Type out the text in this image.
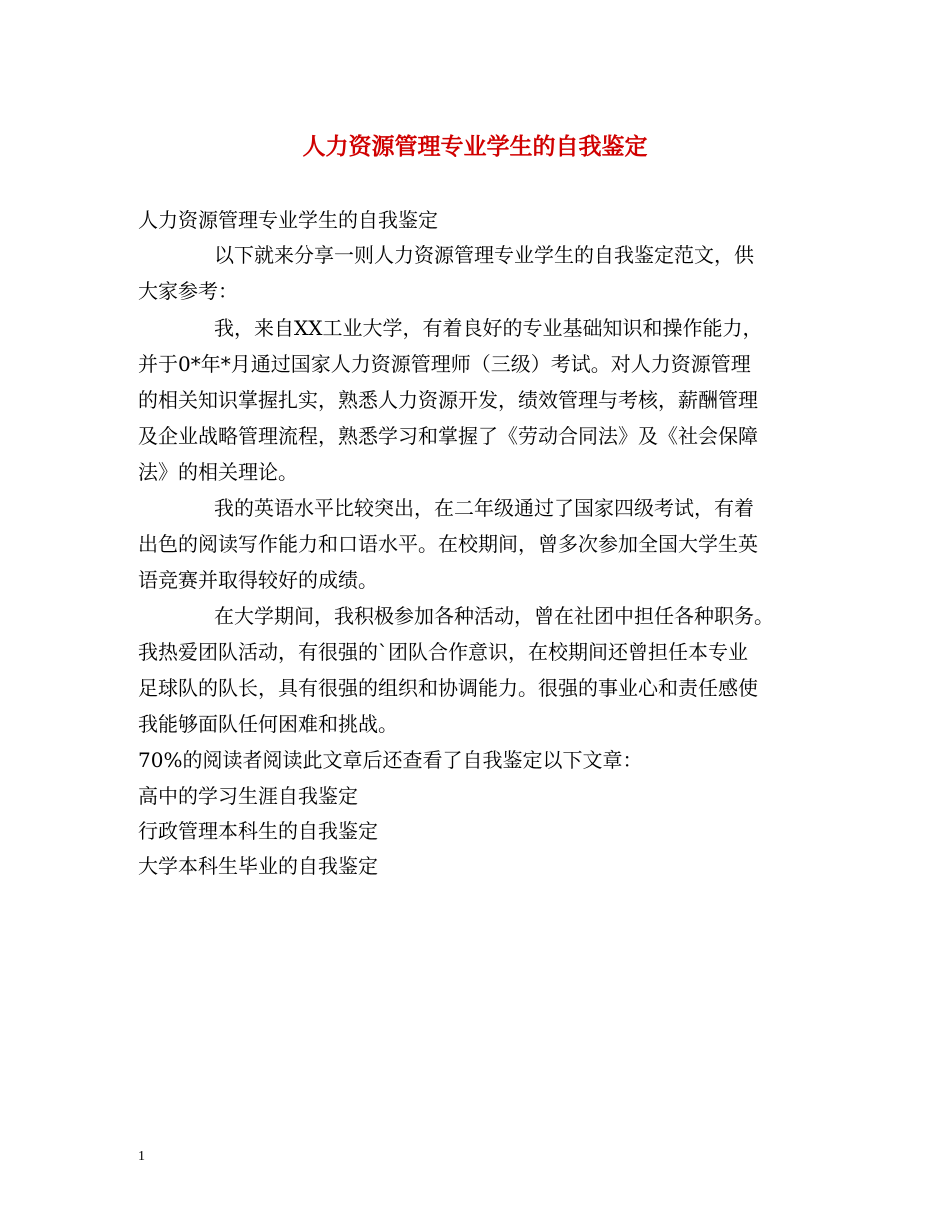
人力资源管理专业学生的自我鉴定

人力资源管理专业学生的自我鉴定

以下就来分享一则人力资源管理专业学生的自我鉴定范文，供

大家参考：

我，来自XX工业大学，有着良好的专业基础知识和操作能力，

并于0*年*月通过国家人力资源管理师（三级）考试。对人力资源管理

的相关知识掌握扎实，熟悉人力资源开发，绩效管理与考核，薪酬管理

及企业战略管理流程，熟悉学习和掌握了《劳动合同法》及《社会保障

法》的相关理论。

我的英语水平比较突出，在二年级通过了国家四级考试，有着

出色的阅读写作能力和口语水平。在校期间，曾多次参加全国大学生英

语竞赛并取得较好的成绩。

在大学期间，我积极参加各种活动，曾在社团中担任各种职务。

我热爱团队活动，有很强的`团队合作意识，在校期间还曾担任本专业

足球队的队长，具有很强的组织和协调能力。很强的事业心和责任感使

我能够面队任何困难和挑战。

70%的阅读者阅读此文章后还查看了自我鉴定以下文章：

高中的学习生涯自我鉴定

行政管理本科生的自我鉴定

大学本科生毕业的自我鉴定

1
